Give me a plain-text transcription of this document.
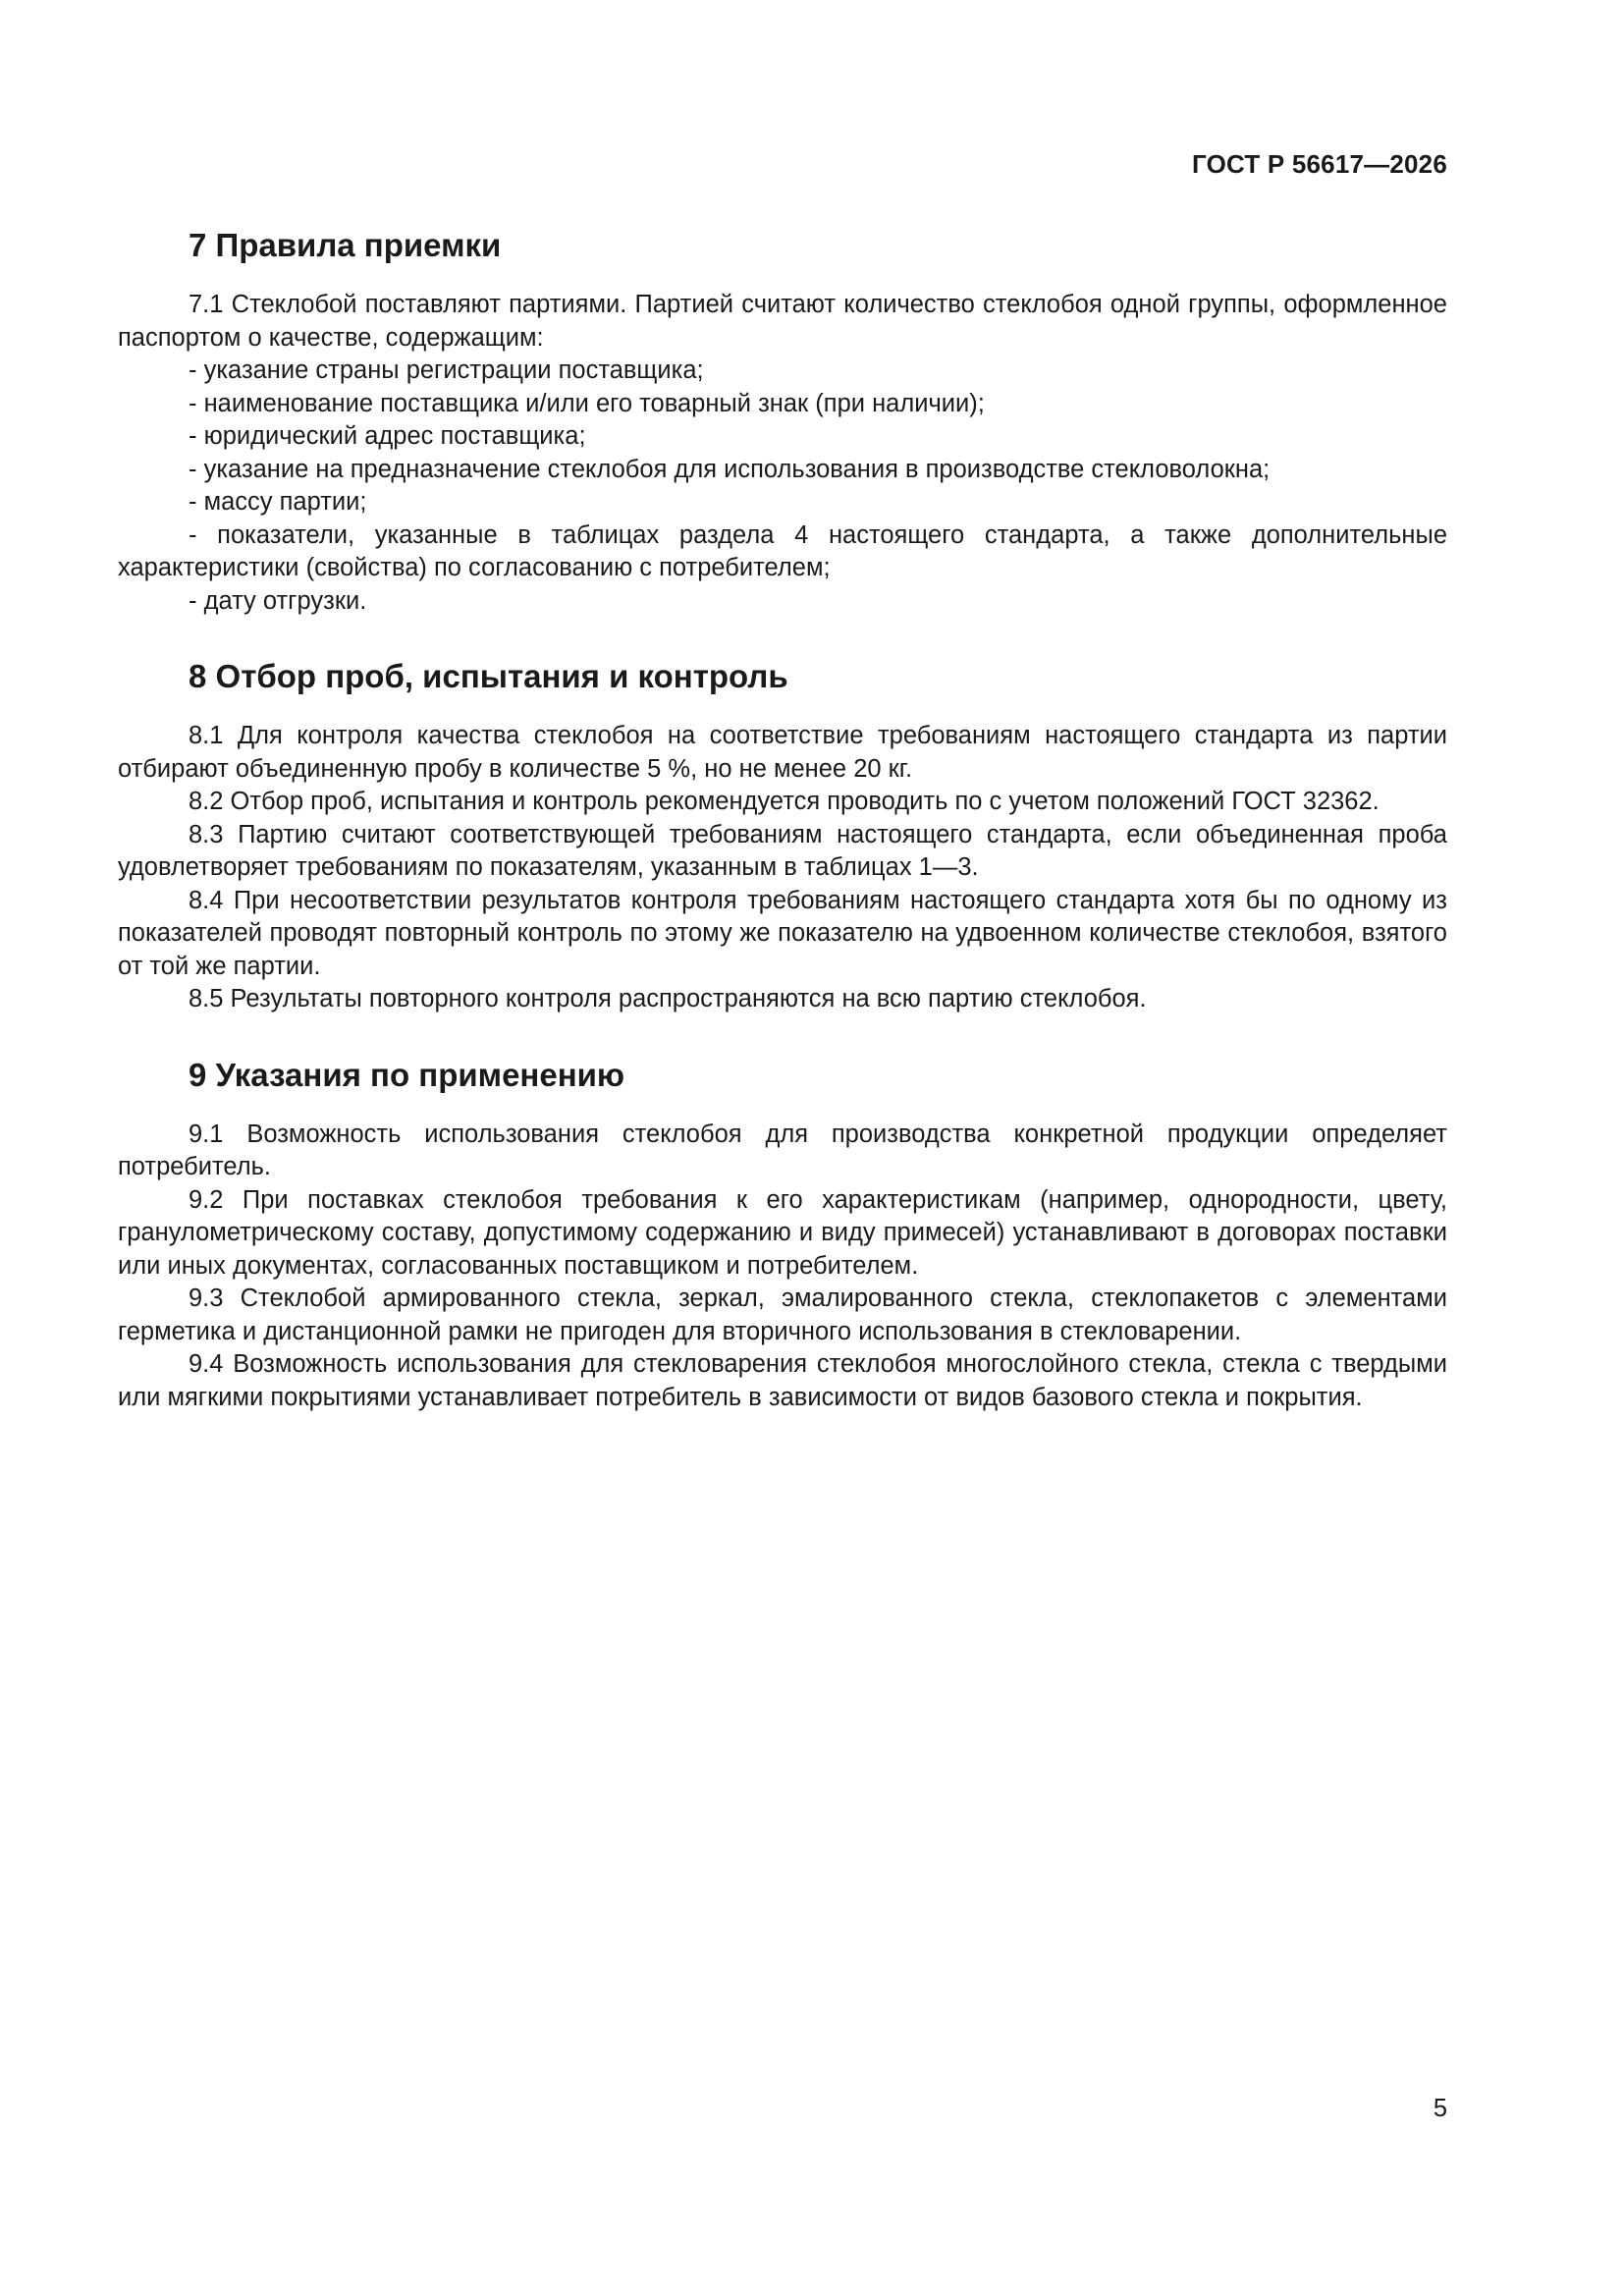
ГОСТ Р 56617—2026
7 Правила приемки

7.1 Стеклобой поставляют партиями. Партией считают количество стеклобоя одной группы, оформленное паспортом о качестве, содержащим:

- указание страны регистрации поставщика;
- наименование поставщика и/или его товарный знак (при наличии);
- юридический адрес поставщика;
- указание на предназначение стеклобоя для использования в производстве стекловолокна;
- массу партии;
- показатели, указанные в таблицах раздела 4 настоящего стандарта, а также дополнительные характеристики (свойства) по согласованию с потребителем;
- дату отгрузки.
8 Отбор проб, испытания и контроль

8.1 Для контроля качества стеклобоя на соответствие требованиям настоящего стандарта из партии отбирают объединенную пробу в количестве 5 %, но не менее 20 кг.

8.2 Отбор проб, испытания и контроль рекомендуется проводить по с учетом положений ГОСТ 32362.

8.3 Партию считают соответствующей требованиям настоящего стандарта, если объединенная проба удовлетворяет требованиям по показателям, указанным в таблицах 1—3.

8.4 При несоответствии результатов контроля требованиям настоящего стандарта хотя бы по одному из показателей проводят повторный контроль по этому же показателю на удвоенном количестве стеклобоя, взятого от той же партии.

8.5 Результаты повторного контроля распространяются на всю партию стеклобоя.

9 Указания по применению

9.1 Возможность использования стеклобоя для производства конкретной продукции определяет потребитель.

9.2 При поставках стеклобоя требования к его характеристикам (например, однородности, цвету, гранулометрическому составу, допустимому содержанию и виду примесей) устанавливают в договорах поставки или иных документах, согласованных поставщиком и потребителем.

9.3 Стеклобой армированного стекла, зеркал, эмалированного стекла, стеклопакетов с элементами герметика и дистанционной рамки не пригоден для вторичного использования в стекловарении.

9.4 Возможность использования для стекловарения стеклобоя многослойного стекла, стекла с твердыми или мягкими покрытиями устанавливает потребитель в зависимости от видов базового стекла и покрытия.

5
